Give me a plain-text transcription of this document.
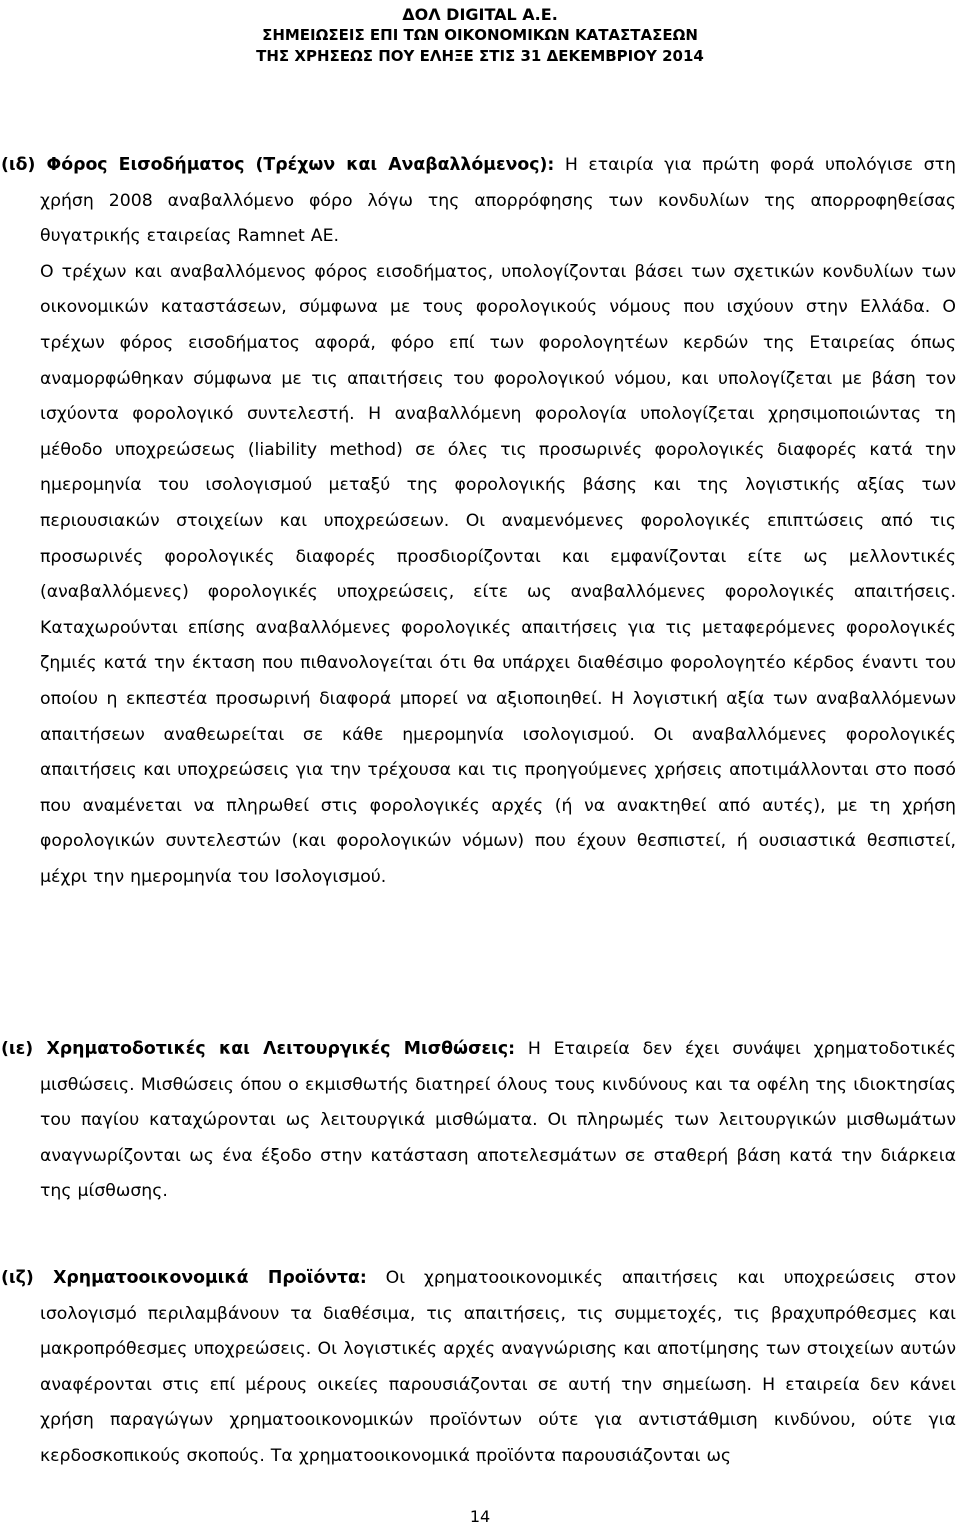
ΔΟΛ DIGITAL Α.Ε.
ΣΗΜΕΙΩΣΕΙΣ ΕΠΙ ΤΩΝ ΟΙΚΟΝΟΜΙΚΩΝ ΚΑΤΑΣΤΑΣΕΩΝ
ΤΗΣ ΧΡΗΣΕΩΣ ΠΟΥ ΕΛΗΞΕ ΣΤΙΣ 31 ΔΕΚΕΜΒΡΙΟΥ 2014

(ιδ) Φόρος Εισοδήματος (Τρέχων και Αναβαλλόμενος): Η εταιρία για πρώτη φορά υπολόγισε στη χρήση 2008 αναβαλλόμενο φόρο λόγω της απορρόφησης των κονδυλίων της απορροφηθείσας θυγατρικής εταιρείας Ramnet AE.

Ο τρέχων και αναβαλλόμενος φόρος εισοδήματος, υπολογίζονται βάσει των σχετικών κονδυλίων των οικονομικών καταστάσεων, σύμφωνα με τους φορολογικούς νόμους που ισχύουν στην Ελλάδα. Ο τρέχων φόρος εισοδήματος αφορά, φόρο επί των φορολογητέων κερδών της Εταιρείας όπως αναμορφώθηκαν σύμφωνα με τις απαιτήσεις του φορολογικού νόμου, και υπολογίζεται με βάση τον ισχύοντα φορολογικό συντελεστή. Η αναβαλλόμενη φορολογία υπολογίζεται χρησιμοποιώντας τη μέθοδο υποχρεώσεως (liability method) σε όλες τις προσωρινές φορολογικές διαφορές κατά την ημερομηνία του ισολογισμού μεταξύ της φορολογικής βάσης και της λογιστικής αξίας των περιουσιακών στοιχείων και υποχρεώσεων. Οι αναμενόμενες φορολογικές επιπτώσεις από τις προσωρινές φορολογικές διαφορές προσδιορίζονται και εμφανίζονται είτε ως μελλοντικές (αναβαλλόμενες) φορολογικές υποχρεώσεις, είτε ως αναβαλλόμενες φορολογικές απαιτήσεις. Καταχωρούνται επίσης αναβαλλόμενες φορολογικές απαιτήσεις για τις μεταφερόμενες φορολογικές ζημιές κατά την έκταση που πιθανολογείται ότι θα υπάρχει διαθέσιμο φορολογητέο κέρδος έναντι του οποίου η εκπεστέα προσωρινή διαφορά μπορεί να αξιοποιηθεί. Η λογιστική αξία των αναβαλλόμενων απαιτήσεων αναθεωρείται σε κάθε ημερομηνία ισολογισμού. Οι αναβαλλόμενες φορολογικές απαιτήσεις και υποχρεώσεις για την τρέχουσα και τις προηγούμενες χρήσεις αποτιμάλλονται στο ποσό που αναμένεται να πληρωθεί στις φορολογικές αρχές (ή να ανακτηθεί από αυτές), με τη χρήση φορολογικών συντελεστών (και φορολογικών νόμων) που έχουν θεσπιστεί, ή ουσιαστικά θεσπιστεί, μέχρι την ημερομηνία του Ισολογισμού.

(ιε) Χρηματοδοτικές και Λειτουργικές Μισθώσεις: Η Εταιρεία δεν έχει συνάψει χρηματοδοτικές μισθώσεις. Μισθώσεις όπου ο εκμισθωτής διατηρεί όλους τους κινδύνους και τα οφέλη της ιδιοκτησίας του παγίου καταχώρονται ως λειτουργικά μισθώματα. Οι πληρωμές των λειτουργικών μισθωμάτων αναγνωρίζονται ως ένα έξοδο στην κατάσταση αποτελεσμάτων σε σταθερή βάση κατά την διάρκεια της μίσθωσης.

(ιζ) Χρηματοοικονομικά Προϊόντα: Οι χρηματοοικονομικές απαιτήσεις και υποχρεώσεις στον ισολογισμό περιλαμβάνουν τα διαθέσιμα, τις απαιτήσεις, τις συμμετοχές, τις βραχυπρόθεσμες και μακροπρόθεσμες υποχρεώσεις. Οι λογιστικές αρχές αναγνώρισης και αποτίμησης των στοιχείων αυτών αναφέρονται στις επί μέρους οικείες παρουσιάζονται σε αυτή την σημείωση. Η εταιρεία δεν κάνει χρήση παραγώγων χρηματοοικονομικών προϊόντων ούτε για αντιστάθμιση κινδύνου, ούτε για κερδοσκοπικούς σκοπούς. Τα χρηματοοικονομικά προϊόντα παρουσιάζονται ως

14
